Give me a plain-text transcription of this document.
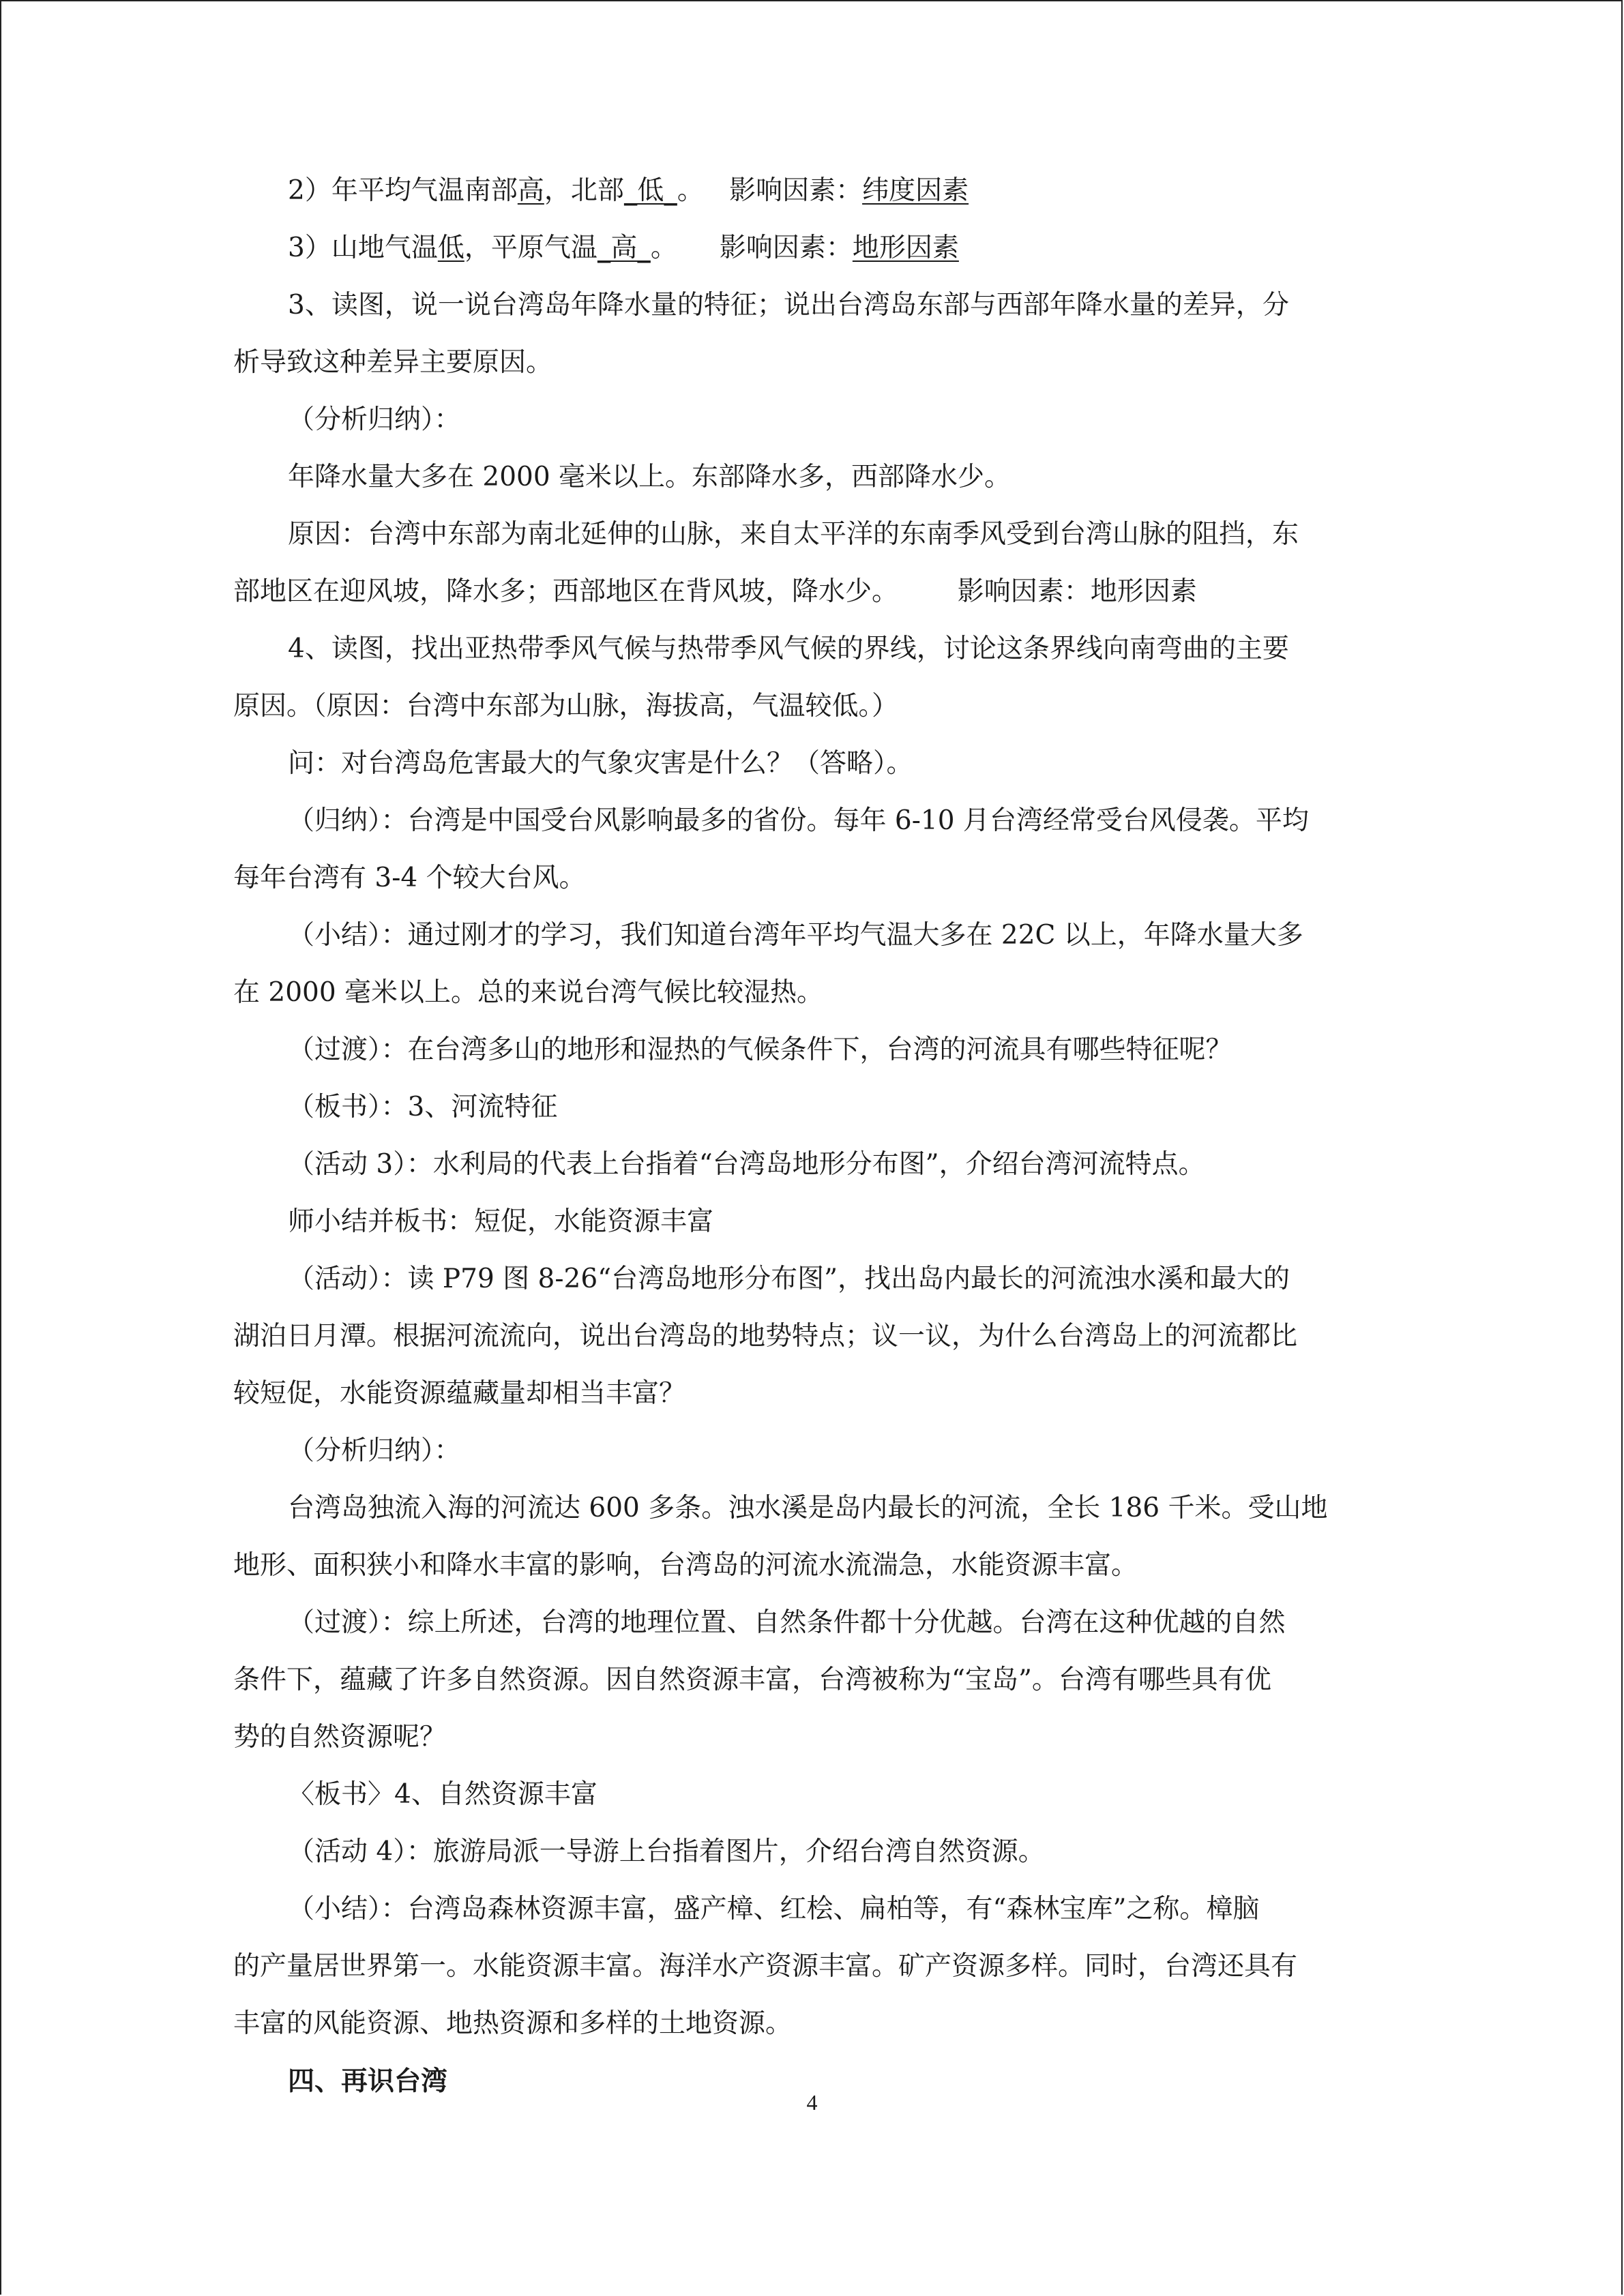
2）年平均气温南部高，北部_低_。   影响因素：纬度因素
3）山地气温低，平原气温_高_。     影响因素：地形因素
3、读图，说一说台湾岛年降水量的特征；说出台湾岛东部与西部年降水量的差异，分
析导致这种差异主要原因。
（分析归纳）：
年降水量大多在 2000 毫米以上。东部降水多，西部降水少。
原因：台湾中东部为南北延伸的山脉，来自太平洋的东南季风受到台湾山脉的阻挡，东
部地区在迎风坡，降水多；西部地区在背风坡，降水少。       影响因素：地形因素
4、读图，找出亚热带季风气候与热带季风气候的界线，讨论这条界线向南弯曲的主要
原因。（原因：台湾中东部为山脉，海拔高，气温较低。）
问：对台湾岛危害最大的气象灾害是什么？（答略）。
（归纳）：台湾是中国受台风影响最多的省份。每年 6-10 月台湾经常受台风侵袭。平均
每年台湾有 3-4 个较大台风。
（小结）：通过刚才的学习，我们知道台湾年平均气温大多在 22C 以上，年降水量大多
在 2000 毫米以上。总的来说台湾气候比较湿热。
（过渡）：在台湾多山的地形和湿热的气候条件下，台湾的河流具有哪些特征呢？
（板书）：3、河流特征
（活动 3）：水利局的代表上台指着“台湾岛地形分布图”，介绍台湾河流特点。
师小结并板书：短促，水能资源丰富
（活动）：读 P79 图 8-26“台湾岛地形分布图”，找出岛内最长的河流浊水溪和最大的
湖泊日月潭。根据河流流向，说出台湾岛的地势特点；议一议，为什么台湾岛上的河流都比
较短促，水能资源蕴藏量却相当丰富？
（分析归纳）：
台湾岛独流入海的河流达 600 多条。浊水溪是岛内最长的河流，全长 186 千米。受山地
地形、面积狭小和降水丰富的影响，台湾岛的河流水流湍急，水能资源丰富。
（过渡）：综上所述，台湾的地理位置、自然条件都十分优越。台湾在这种优越的自然
条件下，蕴藏了许多自然资源。因自然资源丰富，台湾被称为“宝岛”。台湾有哪些具有优
势的自然资源呢？
〈板书〉4、自然资源丰富
（活动 4）：旅游局派一导游上台指着图片，介绍台湾自然资源。
（小结）：台湾岛森林资源丰富，盛产樟、红桧、扁柏等，有“森林宝库”之称。樟脑
的产量居世界第一。水能资源丰富。海洋水产资源丰富。矿产资源多样。同时，台湾还具有
丰富的风能资源、地热资源和多样的土地资源。
四、再识台湾
4
